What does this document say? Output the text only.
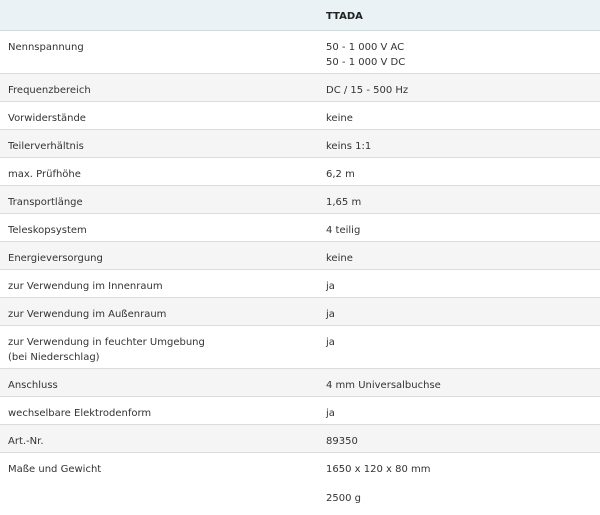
	TTADA

Nennspannung	50 - 1 000 V AC
50 - 1 000 V DC

Frequenzbereich	DC / 15 - 500 Hz
Vorwiderstände	keine
Teilerverhältnis	keins 1:1
max. Prüfhöhe	6,2 m
Transportlänge	1,65 m
Teleskopsystem	4 teilig
Energieversorgung	keine
zur Verwendung im Innenraum	ja
zur Verwendung im Außenraum	ja

zur Verwendung in feuchter Umgebung
(bei Niederschlag)	ja
Anschluss	4 mm Universalbuchse
wechselbare Elektrodenform	ja
Art.-Nr.	89350
Maße und Gewicht	1650 x 120 x 80 mm
2500 g
